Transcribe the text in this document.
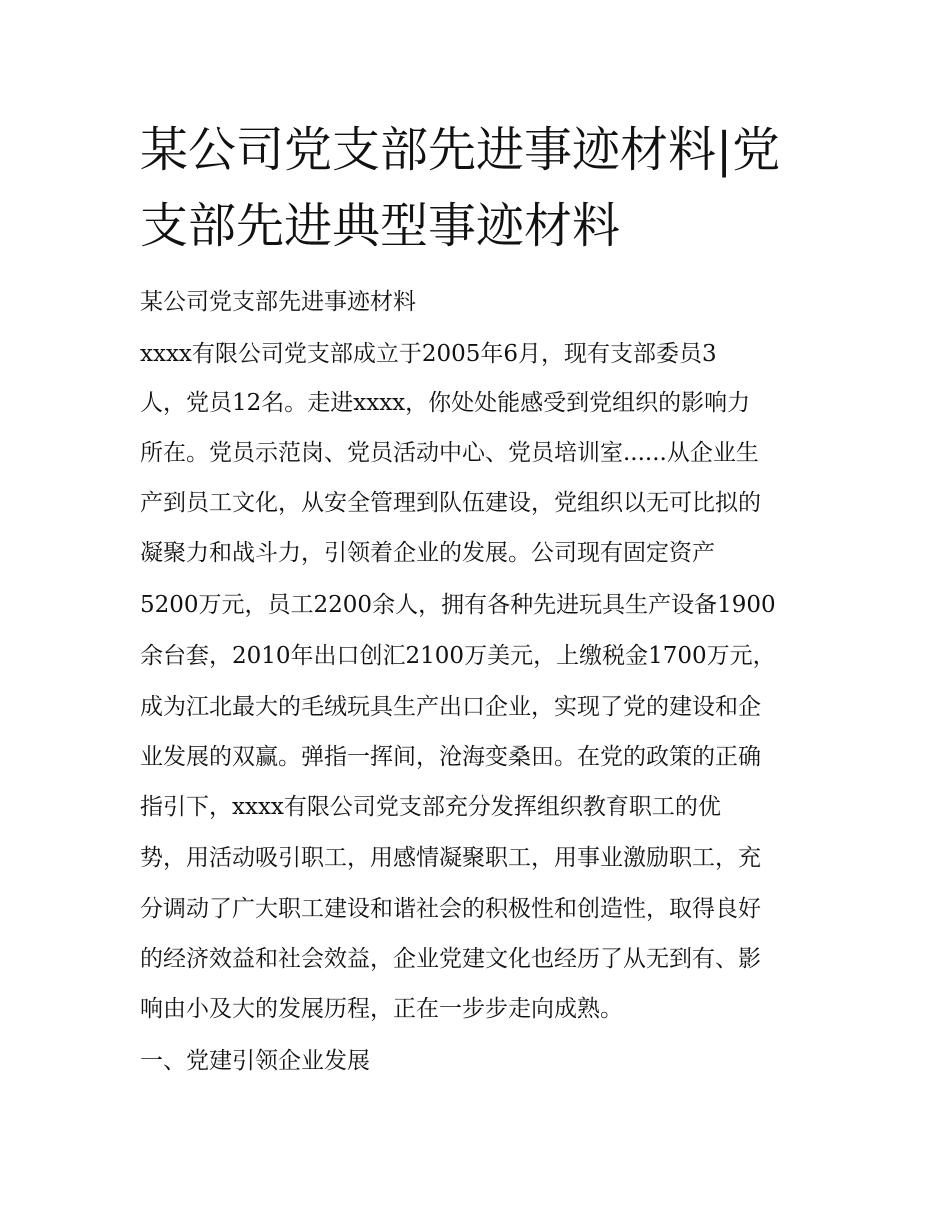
某公司党支部先进事迹材料|党支部先进典型事迹材料

某公司党支部先进事迹材料

xxxx有限公司党支部成立于2005年6月，现有支部委员3

人，党员12名。走进xxxx，你处处能感受到党组织的影响力

所在。党员示范岗、党员活动中心、党员培训室......从企业生

产到员工文化，从安全管理到队伍建设，党组织以无可比拟的

凝聚力和战斗力，引领着企业的发展。公司现有固定资产

5200万元，员工2200余人，拥有各种先进玩具生产设备1900

余台套，2010年出口创汇2100万美元，上缴税金1700万元，

成为江北最大的毛绒玩具生产出口企业，实现了党的建设和企

业发展的双赢。弹指一挥间，沧海变桑田。在党的政策的正确

指引下，xxxx有限公司党支部充分发挥组织教育职工的优

势，用活动吸引职工，用感情凝聚职工，用事业激励职工，充

分调动了广大职工建设和谐社会的积极性和创造性，取得良好

的经济效益和社会效益，企业党建文化也经历了从无到有、影

响由小及大的发展历程，正在一步步走向成熟。

一、党建引领企业发展
